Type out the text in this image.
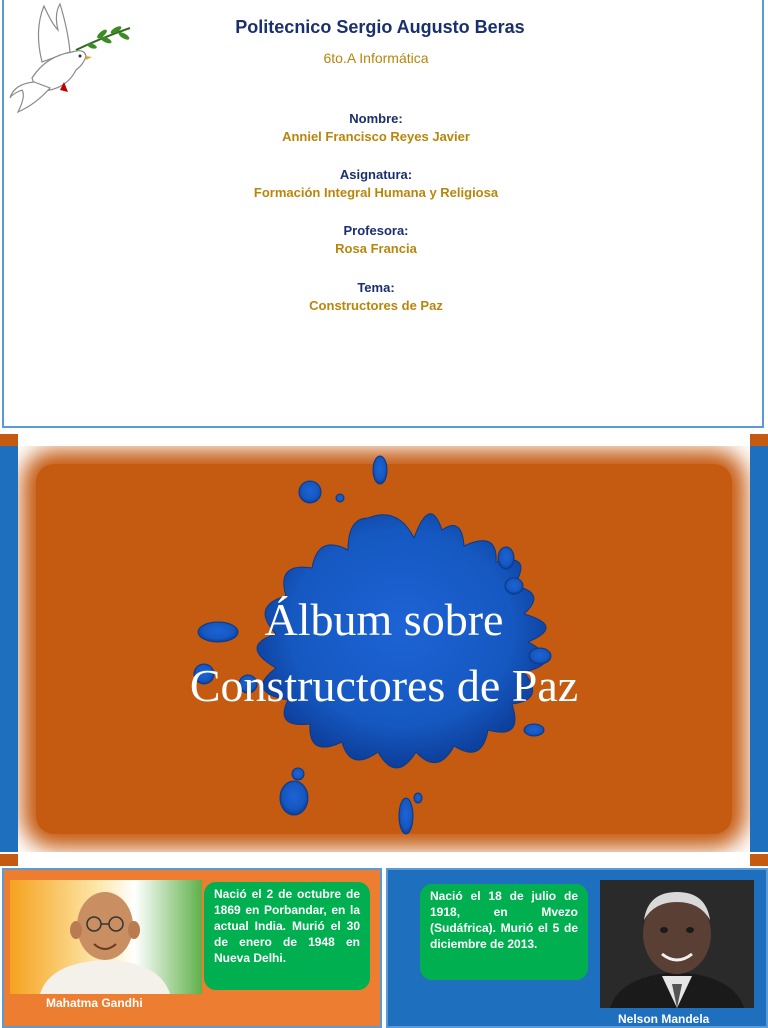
Politecnico Sergio Augusto Beras
6to.A Informática
Nombre:
Anniel Francisco Reyes Javier
Asignatura:
Formación Integral Humana y Religiosa
Profesora:
Rosa Francia
Tema:
Constructores de Paz
Álbum sobre
Constructores de Paz
Nació el 2 de octubre de 1869 en Porbandar, en la actual India. Murió el 30 de enero de 1948 en Nueva Delhi.
Mahatma Gandhi
Nació el 18 de julio de 1918, en Mvezo (Sudáfrica). Murió el 5 de diciembre de 2013.
Nelson Mandela
